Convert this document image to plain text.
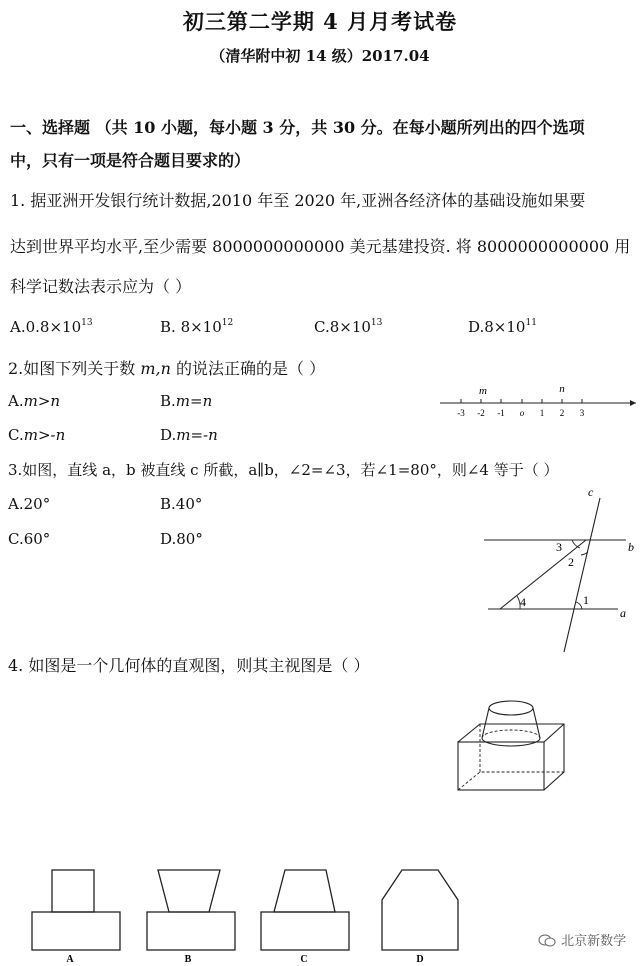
初三第二学期 4 月月考试卷
（清华附中初 14 级）2017.04
一、选择题 （共 10 小题，每小题 3 分，共 30 分。在每小题所列出的四个选项
中，只有一项是符合题目要求的）
1. 据亚洲开发银行统计数据,2010 年至 2020 年,亚洲各经济体的基础设施如果要
达到世界平均水平,至少需要 8000000000000 美元基建投资. 将 8000000000000 用
科学记数法表示应为（ ）
$A.0.8\times 10^{13}$	B. $8\times 10^{12}$	$C.8\times 10^{13}$	$D.8\times 10^{11}$
2.如图下列关于数 m,n 的说法正确的是（ ）
A.m>n	B.m=n
C.m>-n	D.m=-n
-3 -2 -1 o 1 2 3
m	n
3.如图，直线 a，b 被直线 c 所截，a∥b，∠2=∠3，若∠1=80°，则∠4 等于（ ）
A.20°	B.40°
C.60°	D.80°
c
b
a
3
2
4	1
4. 如图是一个几何体的直观图，则其主视图是（ ）
A	B	C	D
北京新数学
